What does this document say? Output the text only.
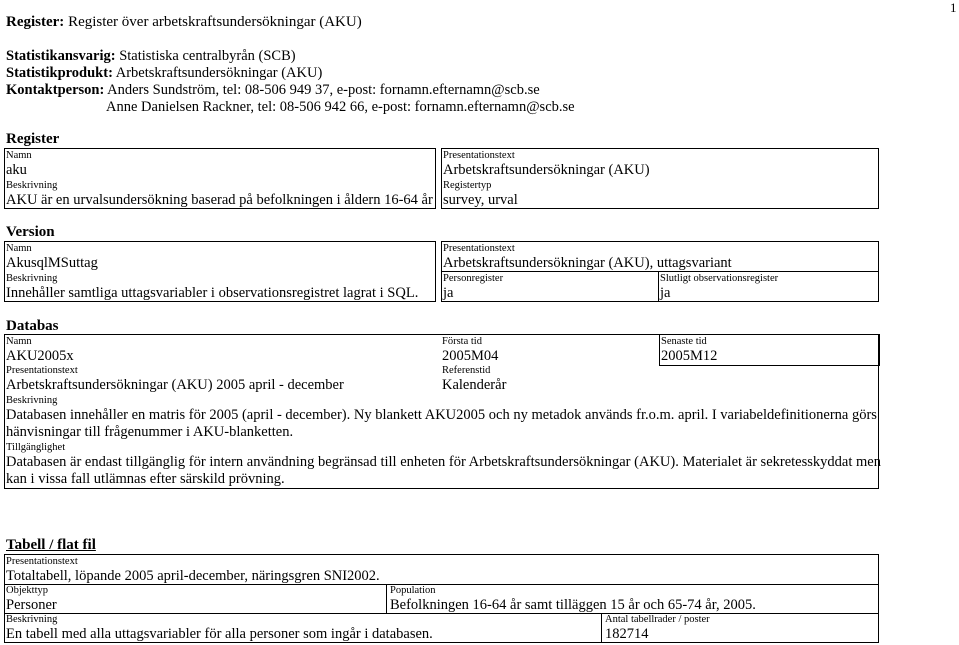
1
Register: Register över arbetskraftsundersökningar (AKU)
Statistikansvarig: Statistiska centralbyrån (SCB)
Statistikprodukt: Arbetskraftsundersökningar (AKU)
Kontaktperson: Anders Sundström, tel: 08-506 949 37, e-post: fornamn.efternamn@scb.se
Anne Danielsen Rackner, tel: 08-506 942 66, e-post: fornamn.efternamn@scb.se
Register
Namn
aku
Beskrivning
AKU är en urvalsundersökning baserad på befolkningen i åldern 16-64 år
Presentationstext
Arbetskraftsundersökningar (AKU)
Registertyp
survey, urval
Version
Namn
AkusqlMSuttag
Beskrivning
Innehåller samtliga uttagsvariabler i observationsregistret lagrat i SQL.
Presentationstext
Arbetskraftsundersökningar (AKU), uttagsvariant
Personregister
ja
Slutligt observationsregister
ja
Databas
Namn
AKU2005x
Första tid
2005M04
Senaste tid
2005M12
Presentationstext
Arbetskraftsundersökningar (AKU) 2005 april - december
Referenstid
Kalenderår
Beskrivning
Databasen innehåller en matris för 2005 (april - december). Ny blankett AKU2005 och ny metadok används fr.o.m. april. I variabeldefinitionerna görs
hänvisningar till frågenummer i AKU-blanketten.
Tillgänglighet
Databasen är endast tillgänglig för intern användning begränsad till enheten för Arbetskraftsundersökningar (AKU). Materialet är sekretesskyddat men
kan i vissa fall utlämnas efter särskild prövning.
Tabell / flat fil
Presentationstext
Totaltabell, löpande 2005 april-december, näringsgren SNI2002.
Objekttyp
Personer
Population
Befolkningen 16-64 år samt tilläggen 15 år och 65-74 år, 2005.
Beskrivning
En tabell med alla uttagsvariabler för alla personer som ingår i databasen.
Antal tabellrader / poster
182714
